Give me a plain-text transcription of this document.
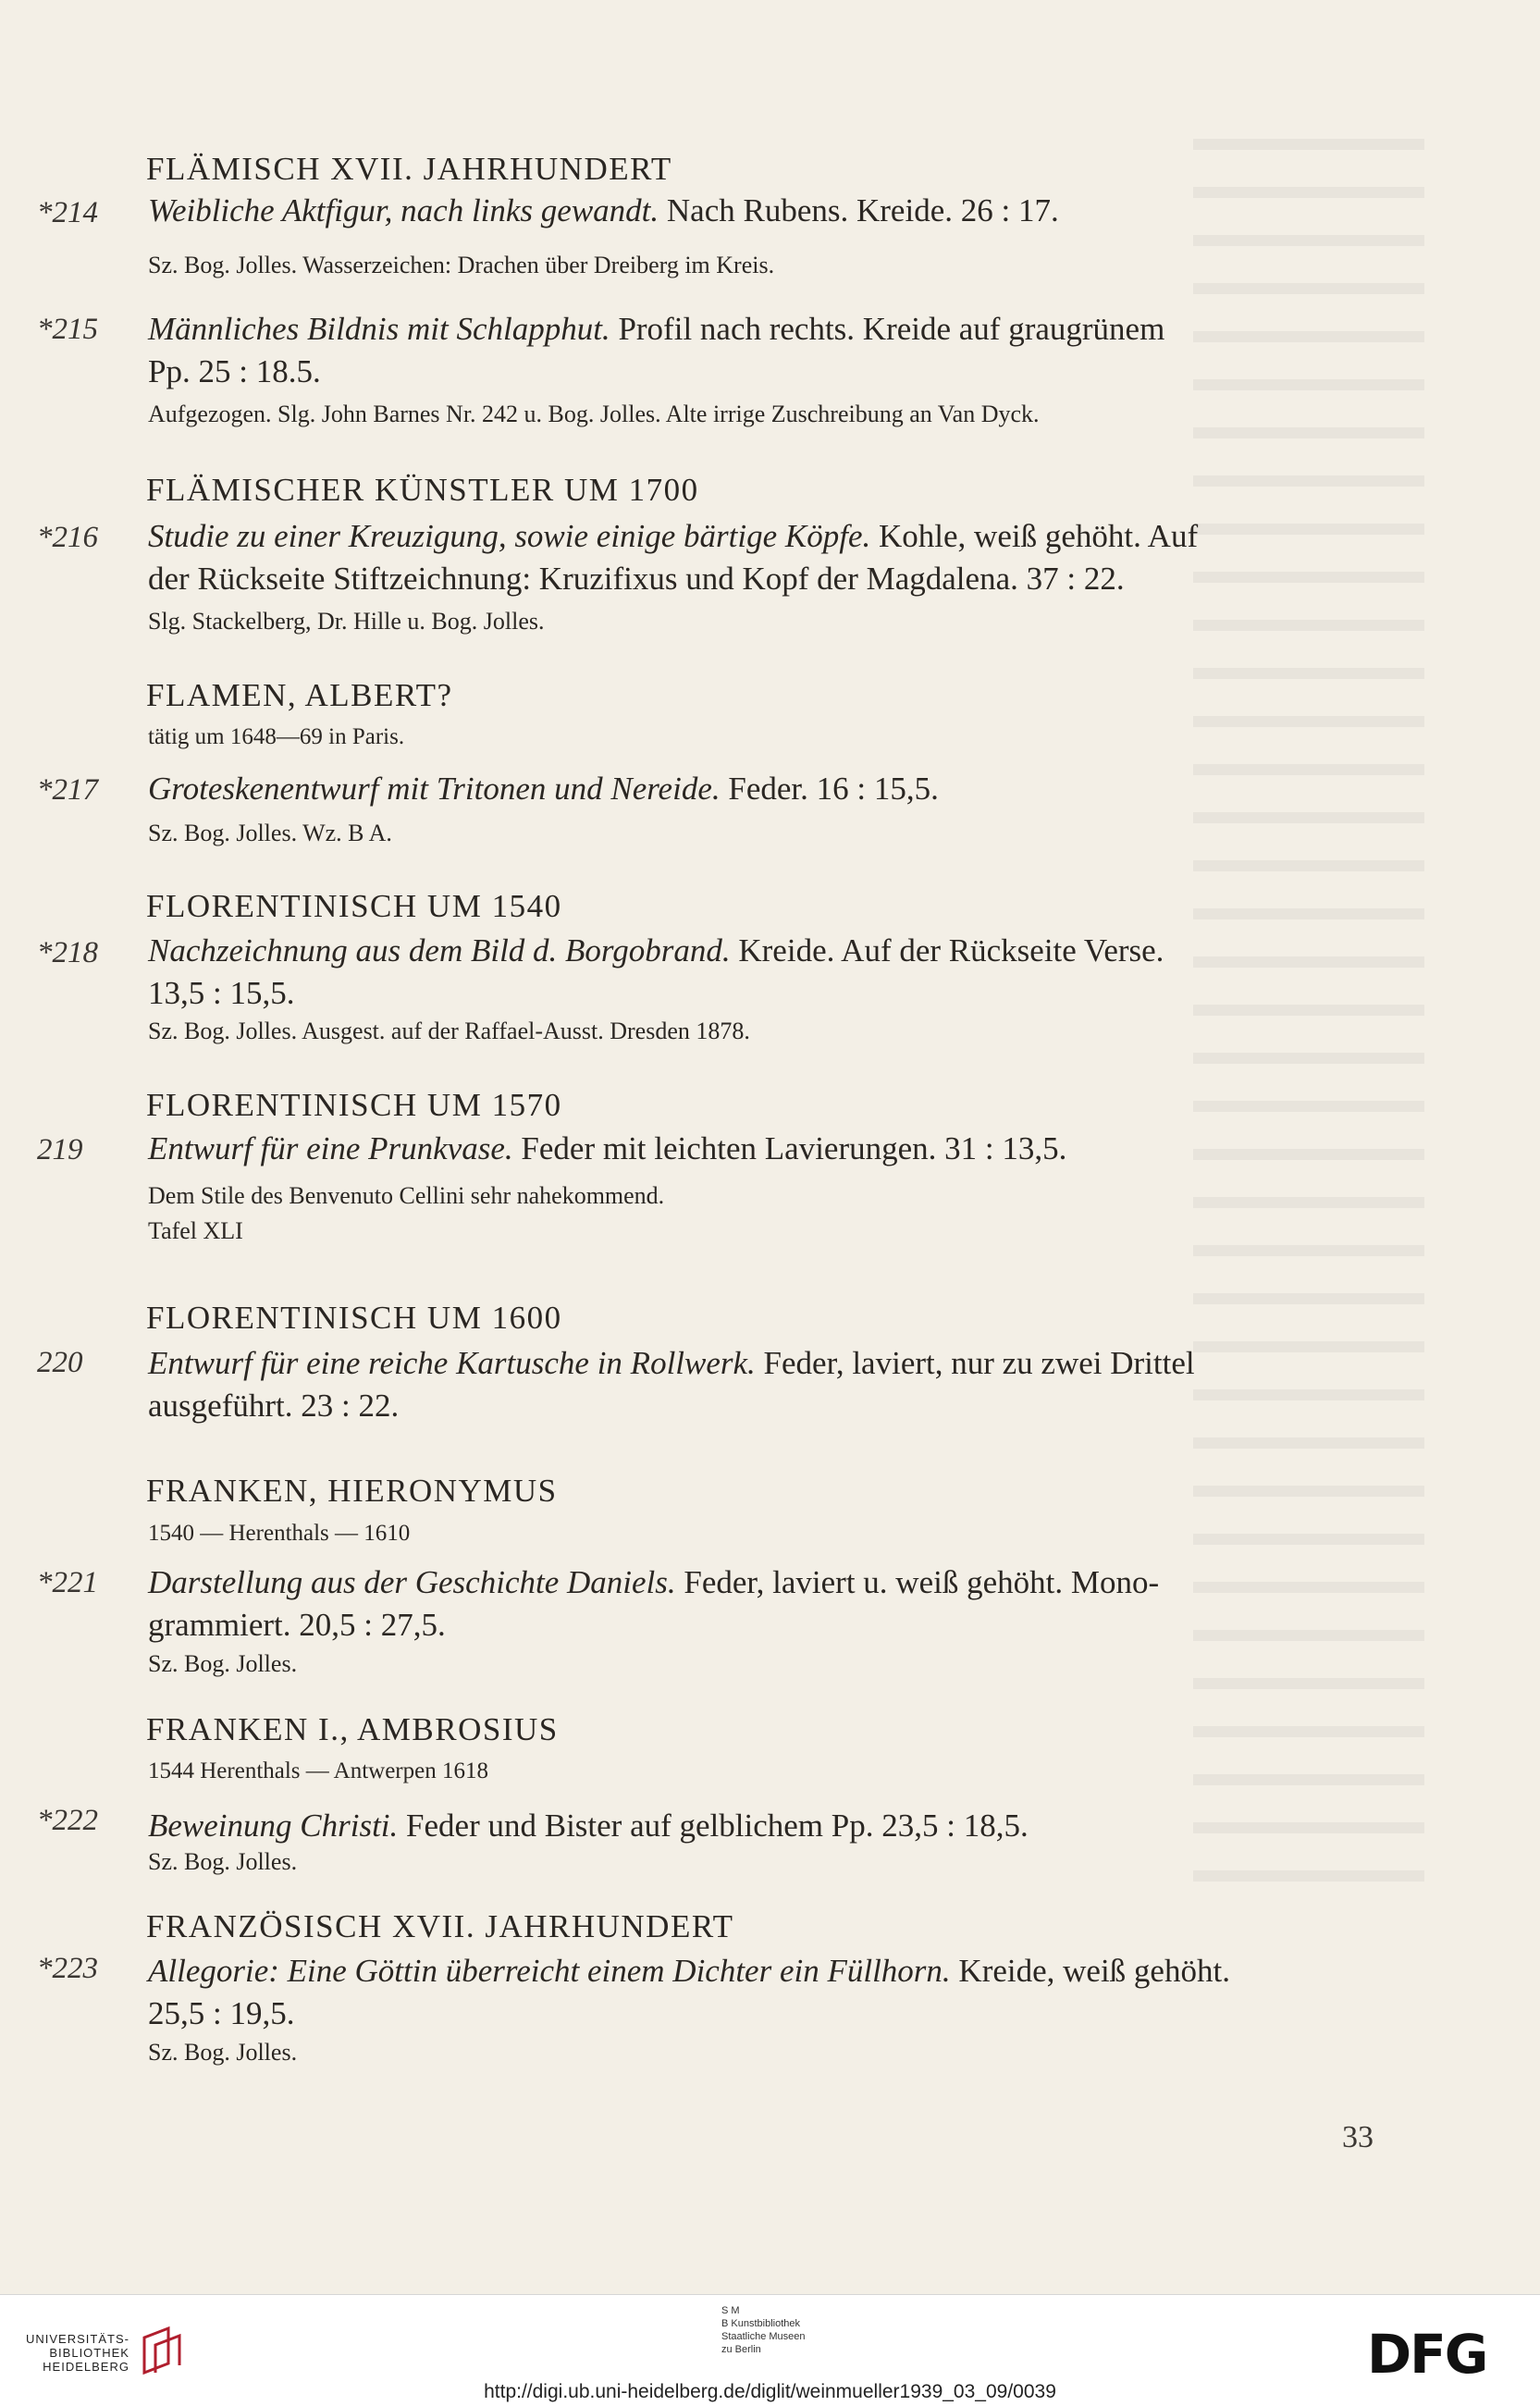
FLÄMISCH XVII. JAHRHUNDERT
*214	Weibliche Aktfigur, nach links gewandt. Nach Rubens. Kreide. 26 : 17.
Sz. Bog. Jolles. Wasserzeichen: Drachen über Dreiberg im Kreis.
*215	Männliches Bildnis mit Schlapphut. Profil nach rechts. Kreide auf graugrünem
Pp. 25 : 18.5.
Aufgezogen. Slg. John Barnes Nr. 242 u. Bog. Jolles. Alte irrige Zuschreibung an Van Dyck.
FLÄMISCHER KÜNSTLER UM 1700
*216	Studie zu einer Kreuzigung, sowie einige bärtige Köpfe. Kohle, weiß gehöht. Auf
der Rückseite Stiftzeichnung: Kruzifixus und Kopf der Magdalena. 37 : 22.
Slg. Stackelberg, Dr. Hille u. Bog. Jolles.
FLAMEN, ALBERT?
tätig um 1648—69 in Paris.
*217	Groteskenentwurf mit Tritonen und Nereide. Feder. 16 : 15,5.
Sz. Bog. Jolles. Wz. B A.
FLORENTINISCH UM 1540
*218	Nachzeichnung aus dem Bild d. Borgobrand. Kreide. Auf der Rückseite Verse.
13,5 : 15,5.
Sz. Bog. Jolles. Ausgest. auf der Raffael-Ausst. Dresden 1878.
FLORENTINISCH UM 1570
219	Entwurf für eine Prunkvase. Feder mit leichten Lavierungen. 31 : 13,5.
Dem Stile des Benvenuto Cellini sehr nahekommend.
Tafel XLI
FLORENTINISCH UM 1600
220	Entwurf für eine reiche Kartusche in Rollwerk. Feder, laviert, nur zu zwei Drittel
ausgeführt. 23 : 22.
FRANKEN, HIERONYMUS
1540 — Herenthals — 1610
*221	Darstellung aus der Geschichte Daniels. Feder, laviert u. weiß gehöht. Mono-
grammiert. 20,5 : 27,5.
Sz. Bog. Jolles.
FRANKEN I., AMBROSIUS
1544 Herenthals — Antwerpen 1618
*222	Beweinung Christi. Feder und Bister auf gelblichem Pp. 23,5 : 18,5.
Sz. Bog. Jolles.
FRANZÖSISCH XVII. JAHRHUNDERT
*223	Allegorie: Eine Göttin überreicht einem Dichter ein Füllhorn. Kreide, weiß gehöht.
25,5 : 19,5.
Sz. Bog. Jolles.
33
UNIVERSITÄTS-
BIBLIOTHEK
HEIDELBERG
S M
B Kunstbibliothek
Staatliche Museen
zu Berlin	DFG
http://digi.ub.uni-heidelberg.de/diglit/weinmueller1939_03_09/0039
